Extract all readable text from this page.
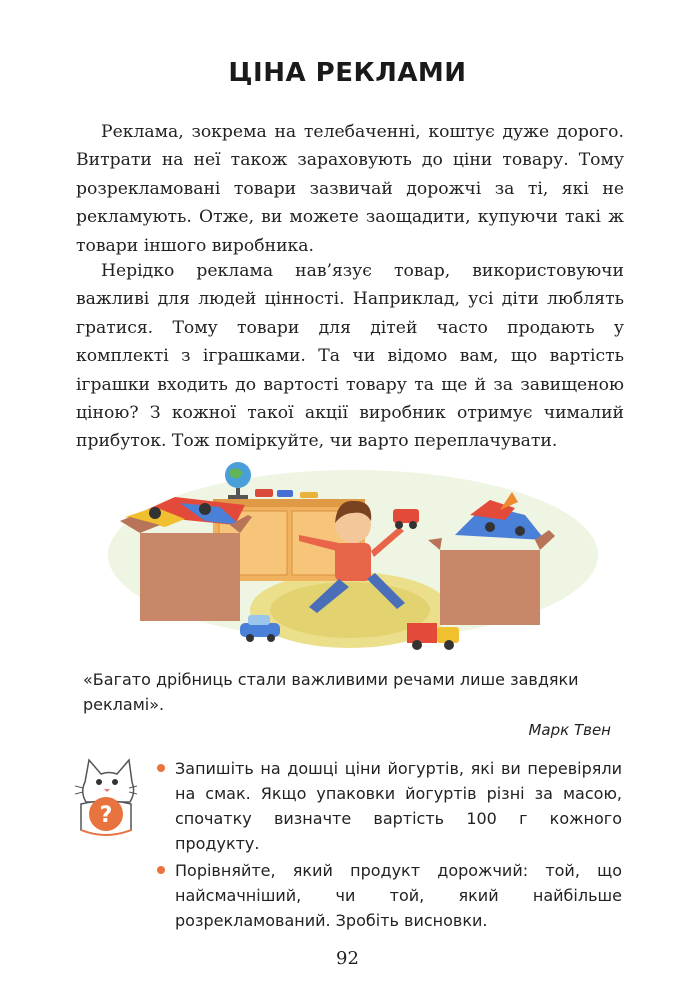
ЦІНА РЕКЛАМИ

Реклама, зокрема на телебаченні, коштує дуже дорого. Витрати на неї також зараховують до ціни товару. Тому розрекламовані товари зазвичай дорожчі за ті, які не рекламують. Отже, ви можете заощадити, купуючи такі ж товари іншого виробника.

Нерідко реклама нав’язує товар, використовуючи важливі для людей цінності. Наприклад, усі діти люблять гратися. Тому товари для дітей часто продають у комплекті з іграшками. Та чи відомо вам, що вартість іграшки входить до вартості товару та ще й за завищеною ціною? З кожної такої акції виробник отримує чималий прибуток. Тож поміркуйте, чи варто переплачувати.

«Багато дрібниць стали важливими речами лише завдяки рекламі».
Марк Твен
?
Запишіть на дошці ціни йогуртів, які ви перевіряли на смак. Якщо упаковки йогуртів різні за масою, спочатку визначте вартість 100 г кожного продукту.
Порівняйте, який продукт дорожчий: той, що найсмачніший, чи той, який найбільше розрекламований. Зробіть висновки.
92
